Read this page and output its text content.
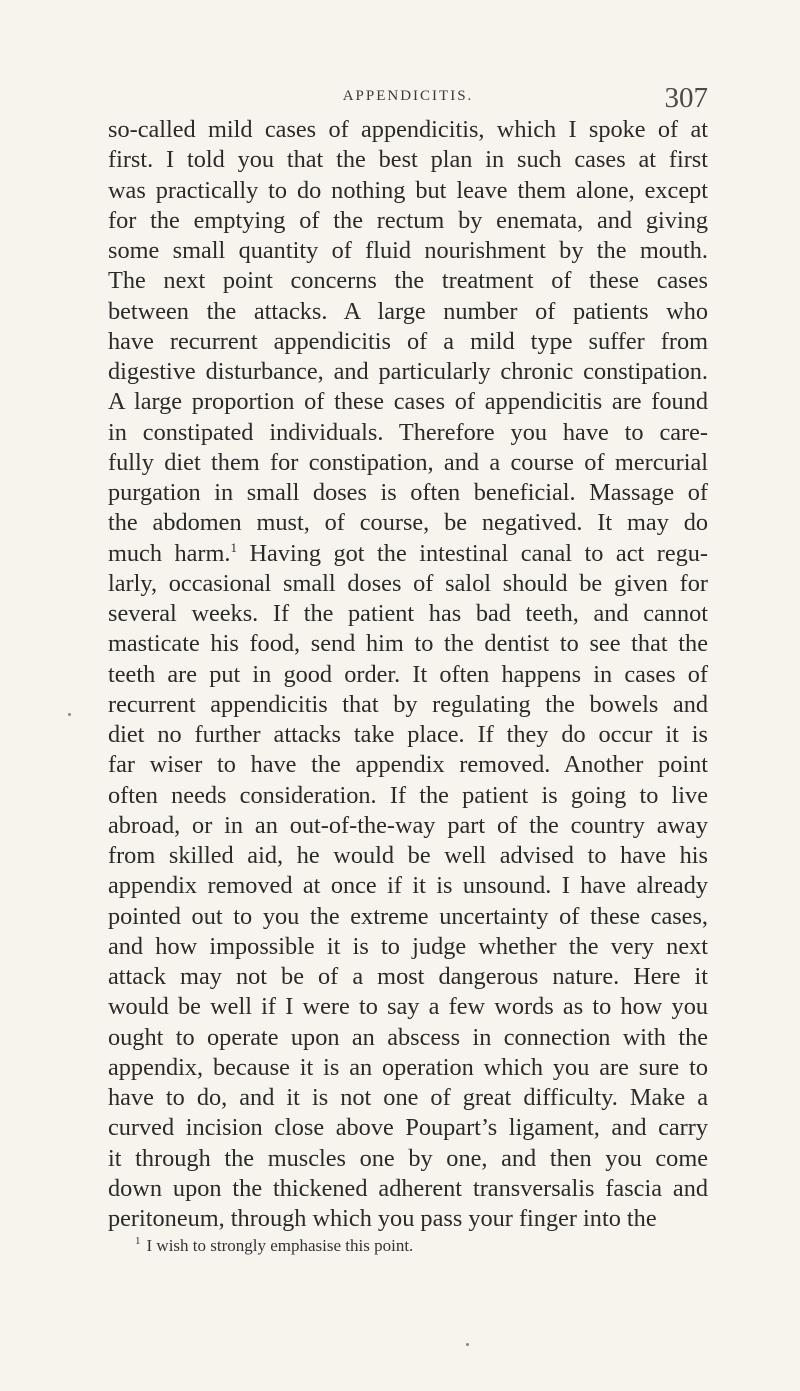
APPENDICITIS.	307
so-called mild cases of appendicitis, which I spoke of at
first. I told you that the best plan in such cases at first
was practically to do nothing but leave them alone, except
for the emptying of the rectum by enemata, and giving
some small quantity of fluid nourishment by the mouth.
The next point concerns the treatment of these cases
between the attacks. A large number of patients who
have recurrent appendicitis of a mild type suffer from
digestive disturbance, and particularly chronic constipation.
A large proportion of these cases of appendicitis are found
in constipated individuals. Therefore you have to care-
fully diet them for constipation, and a course of mercurial
purgation in small doses is often beneficial. Massage of
the abdomen must, of course, be negatived. It may do
much harm.$^1$ Having got the intestinal canal to act regu-
larly, occasional small doses of salol should be given for
several weeks. If the patient has bad teeth, and cannot
masticate his food, send him to the dentist to see that the
teeth are put in good order. It often happens in cases of
recurrent appendicitis that by regulating the bowels and
diet no further attacks take place. If they do occur it is
far wiser to have the appendix removed. Another point
often needs consideration. If the patient is going to live
abroad, or in an out-of-the-way part of the country away
from skilled aid, he would be well advised to have his
appendix removed at once if it is unsound. I have already
pointed out to you the extreme uncertainty of these cases,
and how impossible it is to judge whether the very next
attack may not be of a most dangerous nature. Here it
would be well if I were to say a few words as to how you
ought to operate upon an abscess in connection with the
appendix, because it is an operation which you are sure to
have to do, and it is not one of great difficulty. Make a
curved incision close above Poupart’s ligament, and carry
it through the muscles one by one, and then you come
down upon the thickened adherent transversalis fascia and
peritoneum, through which you pass your finger into the
$^1$ I wish to strongly emphasise this point.
